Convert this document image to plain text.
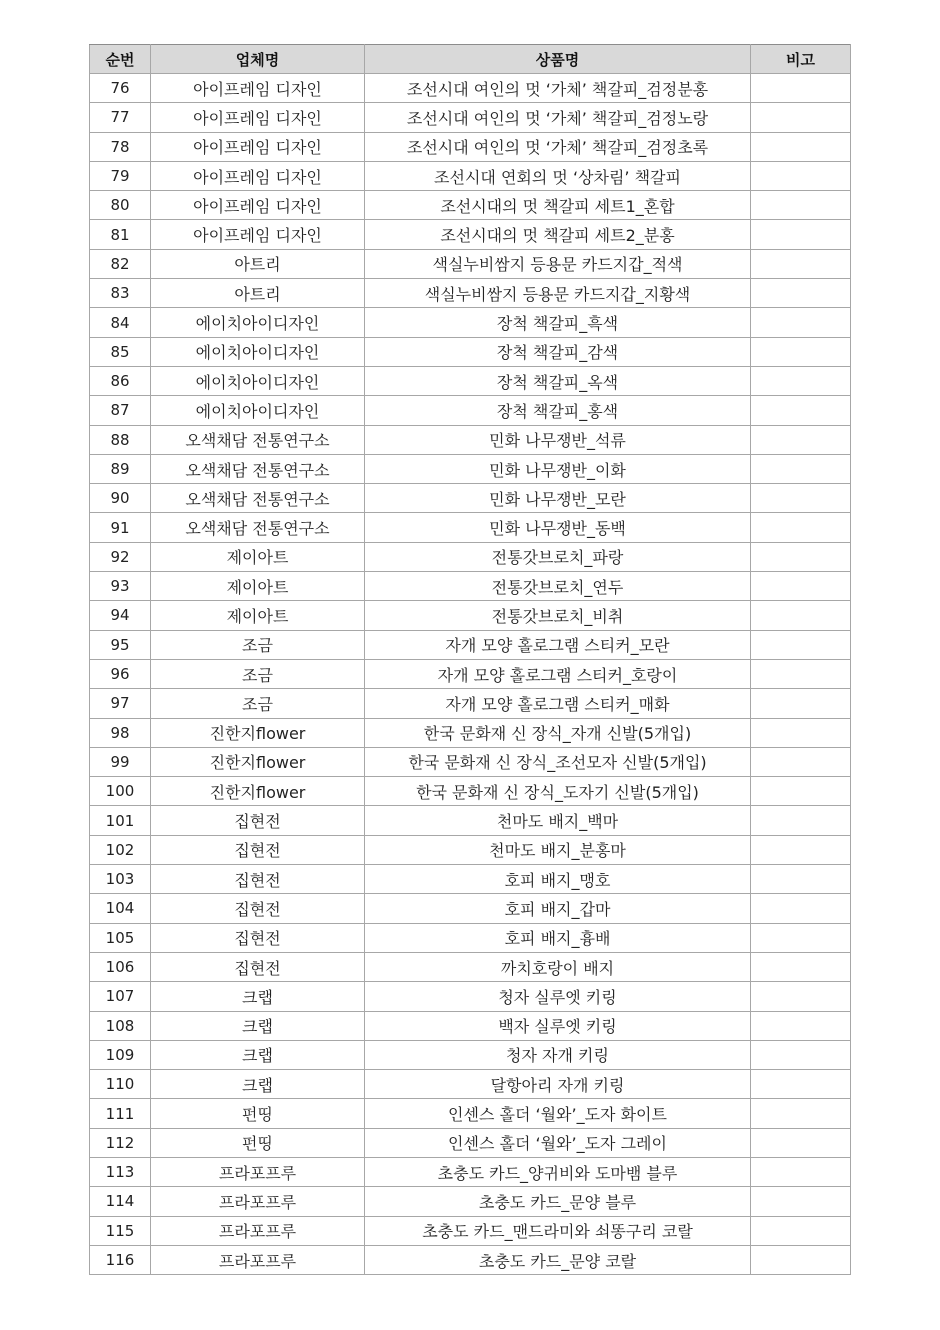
순번	업체명	상품명	비고
76	아이프레임 디자인	조선시대 여인의 멋 ‘가체’ 책갈피_검정분홍	
77	아이프레임 디자인	조선시대 여인의 멋 ‘가체’ 책갈피_검정노랑	
78	아이프레임 디자인	조선시대 여인의 멋 ‘가체’ 책갈피_검정초록	
79	아이프레임 디자인	조선시대 연회의 멋 ‘상차림’ 책갈피	
80	아이프레임 디자인	조선시대의 멋 책갈피 세트1_혼합	
81	아이프레임 디자인	조선시대의 멋 책갈피 세트2_분홍	
82	아트리	색실누비쌈지 등용문 카드지갑_적색	
83	아트리	색실누비쌈지 등용문 카드지갑_지황색	
84	에이치아이디자인	장척 책갈피_흑색	
85	에이치아이디자인	장척 책갈피_감색	
86	에이치아이디자인	장척 책갈피_옥색	
87	에이치아이디자인	장척 책갈피_홍색	
88	오색채담 전통연구소	민화 나무쟁반_석류	
89	오색채담 전통연구소	민화 나무쟁반_이화	
90	오색채담 전통연구소	민화 나무쟁반_모란	
91	오색채담 전통연구소	민화 나무쟁반_동백	
92	제이아트	전통갓브로치_파랑	
93	제이아트	전통갓브로치_연두	
94	제이아트	전통갓브로치_비취	
95	조금	자개 모양 홀로그램 스티커_모란	
96	조금	자개 모양 홀로그램 스티커_호랑이	
97	조금	자개 모양 홀로그램 스티커_매화	
98	진한지flower	한국 문화재 신 장식_자개 신발(5개입)	
99	진한지flower	한국 문화재 신 장식_조선모자 신발(5개입)	
100	진한지flower	한국 문화재 신 장식_도자기 신발(5개입)	
101	집현전	천마도 배지_백마	
102	집현전	천마도 배지_분홍마	
103	집현전	호피 배지_맹호	
104	집현전	호피 배지_갑마	
105	집현전	호피 배지_흉배	
106	집현전	까치호랑이 배지	
107	크랩	청자 실루엣 키링	
108	크랩	백자 실루엣 키링	
109	크랩	청자 자개 키링	
110	크랩	달항아리 자개 키링	
111	펀띵	인센스 홀더 ‘월와’_도자 화이트	
112	펀띵	인센스 홀더 ‘월와’_도자 그레이	
113	프라포프루	초충도 카드_양귀비와 도마뱀 블루	
114	프라포프루	초충도 카드_문양 블루	
115	프라포프루	초충도 카드_맨드라미와 쇠똥구리 코랄	
116	프라포프루	초충도 카드_문양 코랄	
